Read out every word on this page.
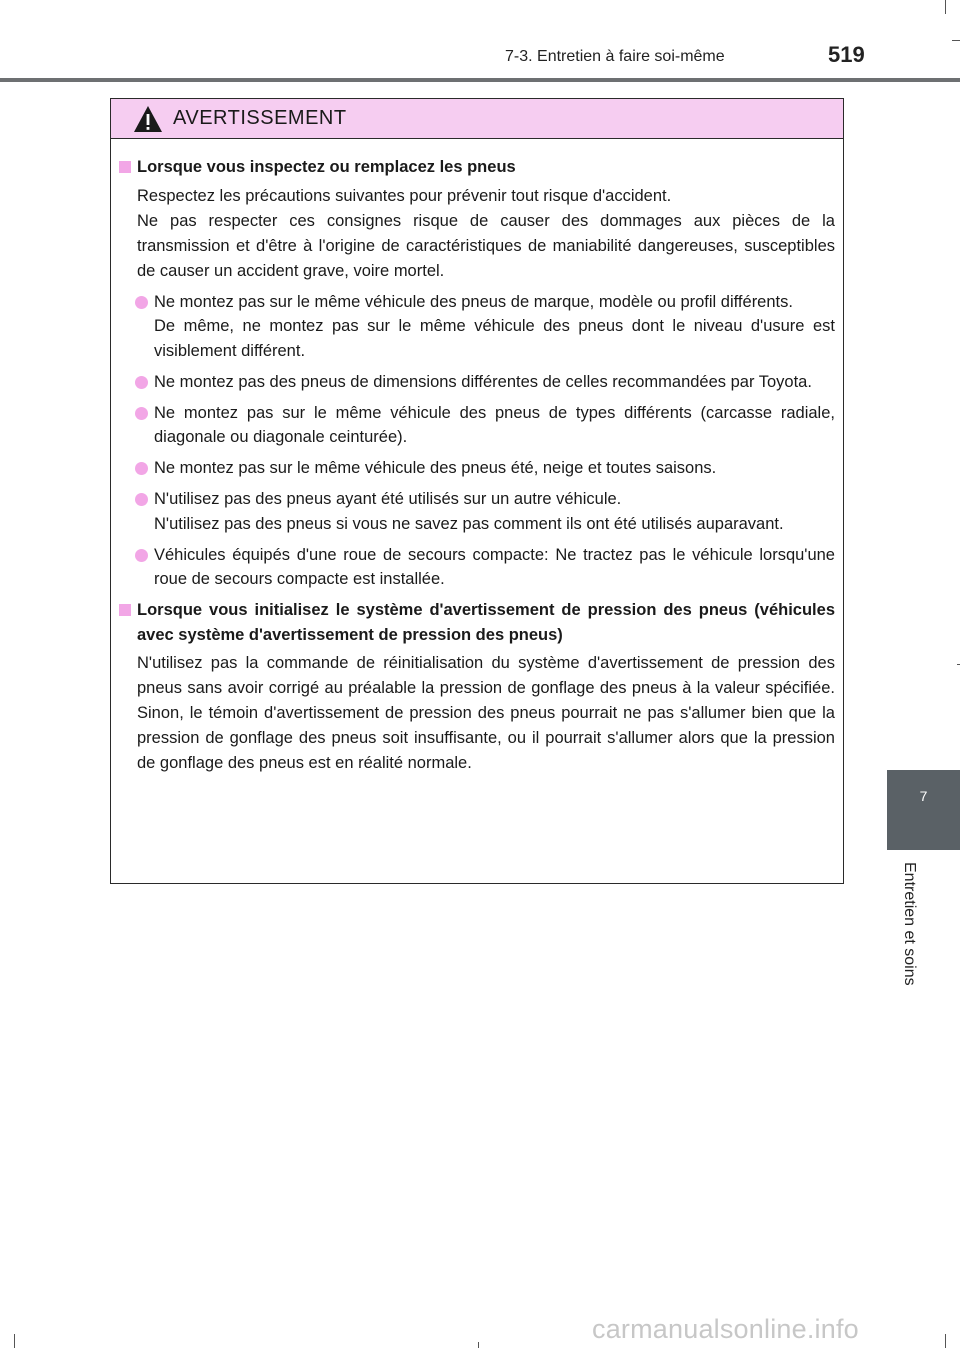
7-3. Entretien à faire soi-même	519
7
Entretien et soins
AVERTISSEMENT
Lorsque vous inspectez ou remplacez les pneus
Respectez les précautions suivantes pour prévenir tout risque d'accident.
Ne pas respecter ces consignes risque de causer des dommages aux pièces de la transmission et d'être à l'origine de caractéristiques de maniabilité dangereuses, susceptibles de causer un accident grave, voire mortel.
Ne montez pas sur le même véhicule des pneus de marque, modèle ou profil différents.
De même, ne montez pas sur le même véhicule des pneus dont le niveau d'usure est visiblement différent.
Ne montez pas des pneus de dimensions différentes de celles recommandées par Toyota.
Ne montez pas sur le même véhicule des pneus de types différents (carcasse radiale, diagonale ou diagonale ceinturée).
Ne montez pas sur le même véhicule des pneus été, neige et toutes saisons.
N'utilisez pas des pneus ayant été utilisés sur un autre véhicule.
N'utilisez pas des pneus si vous ne savez pas comment ils ont été utilisés auparavant.
Véhicules équipés d'une roue de secours compacte: Ne tractez pas le véhicule lorsqu'une roue de secours compacte est installée.
Lorsque vous initialisez le système d'avertissement de pression des pneus (véhicules avec système d'avertissement de pression des pneus)
N'utilisez pas la commande de réinitialisation du système d'avertissement de pression des pneus sans avoir corrigé au préalable la pression de gonflage des pneus à la valeur spécifiée. Sinon, le témoin d'avertissement de pression des pneus pourrait ne pas s'allumer bien que la pression de gonflage des pneus soit insuffisante, ou il pourrait s'allumer alors que la pression de gonflage des pneus est en réalité normale.
carmanualsonline.info
